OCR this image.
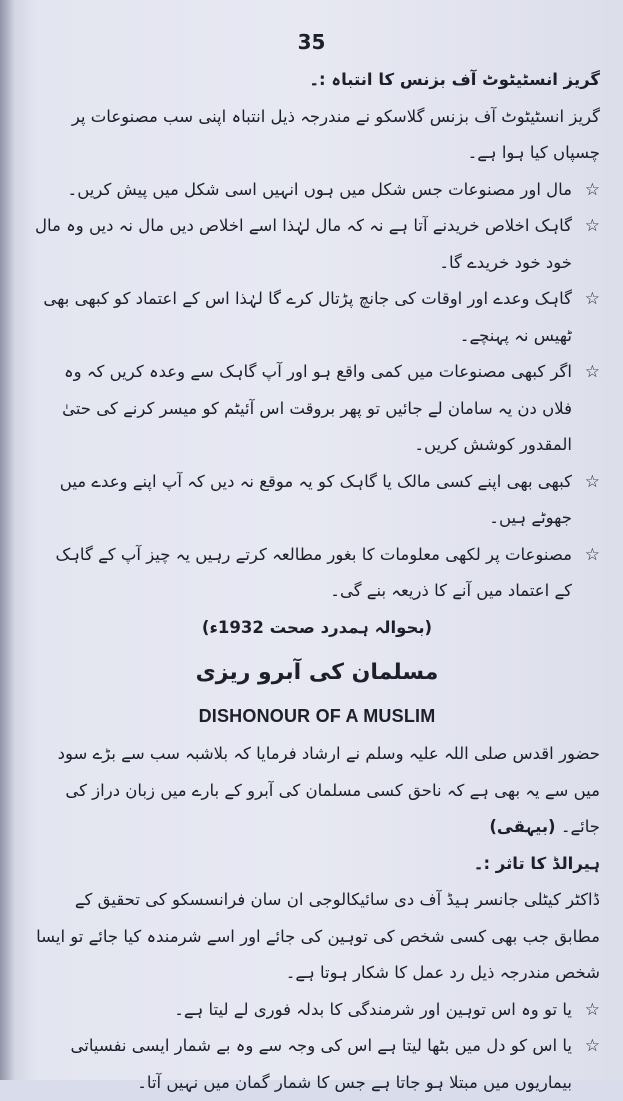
35

گریز انسٹیٹوٹ آف بزنس کا انتباہ :۔

گریز انسٹیٹوٹ آف بزنس گلاسکو نے مندرجہ ذیل انتباہ اپنی سب مصنوعات پر چسپاں کیا ہوا ہے۔

☆
مال اور مصنوعات جس شکل میں ہوں انہیں اسی شکل میں پیش کریں۔

☆
گاہک اخلاص خریدنے آتا ہے نہ کہ مال لہٰذا اسے اخلاص دیں مال نہ دیں وہ مال خود خود خریدے گا۔

☆
گاہک وعدے اور اوقات کی جانچ پڑتال کرے گا لہٰذا اس کے اعتماد کو کبھی بھی ٹھیس نہ پہنچے۔

☆
اگر کبھی مصنوعات میں کمی واقع ہو اور آپ گاہک سے وعدہ کریں کہ وہ فلاں دن یہ سامان لے جائیں تو پھر بروقت اس آئیٹم کو میسر کرنے کی حتیٰ المقدور کوشش کریں۔

☆
کبھی بھی اپنے کسی مالک یا گاہک کو یہ موقع نہ دیں کہ آپ اپنے وعدے میں جھوٹے ہیں۔

☆
مصنوعات پر لکھی معلومات کا بغور مطالعہ کرتے رہیں یہ چیز آپ کے گاہک کے اعتماد میں آنے کا ذریعہ بنے گی۔

(بحوالہ ہمدرد صحت 1932ء)

مسلمان کی آبرو ریزی

DISHONOUR OF A MUSLIM

حضور اقدس صلی اللہ علیہ وسلم نے ارشاد فرمایا کہ بلاشبہ سب سے بڑے سود میں سے یہ بھی ہے کہ ناحق کسی مسلمان کی آبرو کے بارے میں زبان دراز کی جائے۔ (بیہقی)

ہیرالڈ کا تاثر :۔

ڈاکٹر کیٹلی جانسر ہیڈ آف دی سائیکالوجی ان سان فرانسسکو کی تحقیق کے مطابق جب بھی کسی شخص کی توہین کی جائے اور اسے شرمندہ کیا جائے تو ایسا شخص مندرجہ ذیل رد عمل کا شکار ہوتا ہے۔

☆
یا تو وہ اس توہین اور شرمندگی کا بدلہ فوری لے لیتا ہے۔

☆
یا اس کو دل میں بٹھا لیتا ہے اس کی وجہ سے وہ بے شمار ایسی نفسیاتی بیماریوں میں مبتلا ہو جاتا ہے جس کا شمار گمان میں نہیں آتا۔
